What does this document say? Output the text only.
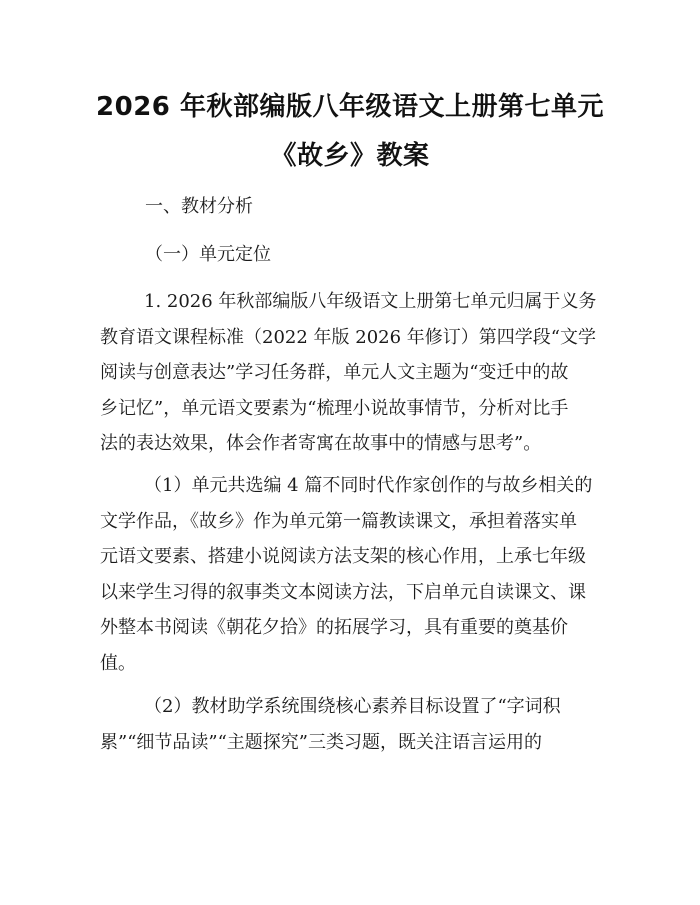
2026 年秋部编版八年级语文上册第七单元
《故乡》教案
一、教材分析
（一）单元定位
1. 2026 年秋部编版八年级语文上册第七单元归属于义务
教育语文课程标准（2022 年版 2026 年修订）第四学段“文学
阅读与创意表达”学习任务群，单元人文主题为“变迁中的故
乡记忆”，单元语文要素为“梳理小说故事情节，分析对比手
法的表达效果，体会作者寄寓在故事中的情感与思考”。
（1）单元共选编 4 篇不同时代作家创作的与故乡相关的
文学作品，《故乡》作为单元第一篇教读课文，承担着落实单
元语文要素、搭建小说阅读方法支架的核心作用，上承七年级
以来学生习得的叙事类文本阅读方法，下启单元自读课文、课
外整本书阅读《朝花夕拾》的拓展学习，具有重要的奠基价
值。
（2）教材助学系统围绕核心素养目标设置了“字词积
累”“细节品读”“主题探究”三类习题，既关注语言运用的
